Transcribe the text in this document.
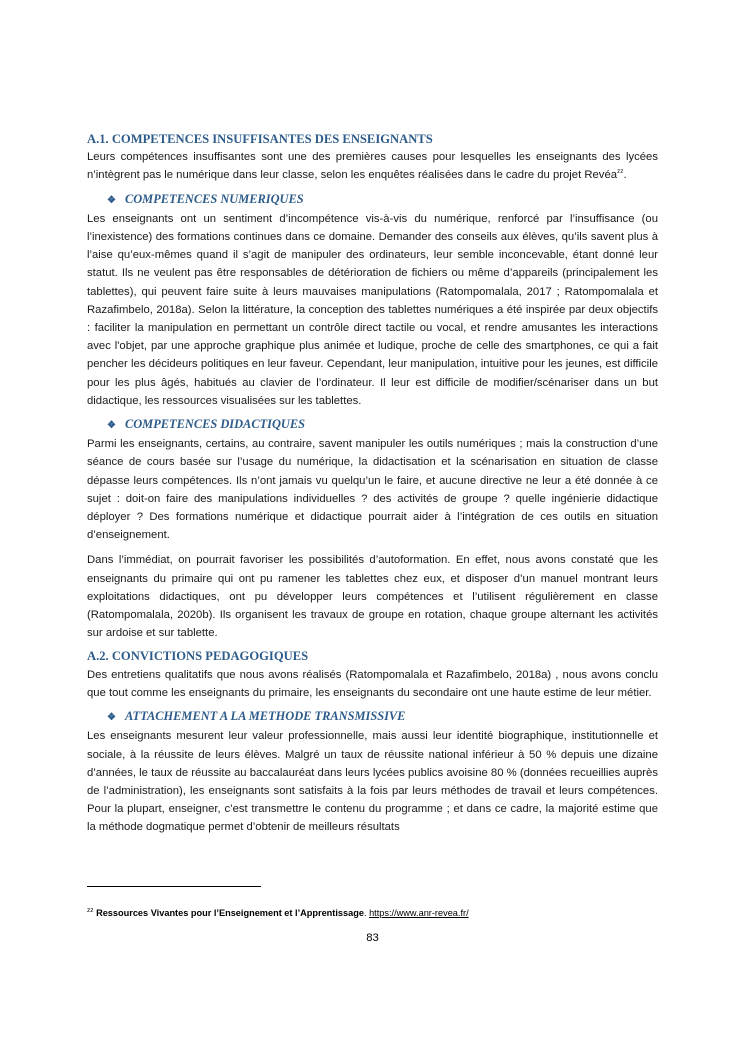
A.1. COMPETENCES INSUFFISANTES DES ENSEIGNANTS

Leurs compétences insuffisantes sont une des premières causes pour lesquelles les enseignants des lycées n’intègrent pas le numérique dans leur classe, selon les enquêtes réalisées dans le cadre du projet Revéa$^{zz}$.

❖ COMPETENCES NUMERIQUES

Les enseignants ont un sentiment d’incompétence vis-à-vis du numérique, renforcé par l’insuffisance (ou l’inexistence) des formations continues dans ce domaine. Demander des conseils aux élèves, qu’ils savent plus à l’aise qu’eux-mêmes quand il s’agit de manipuler des ordinateurs, leur semble inconcevable, étant donné leur statut. Ils ne veulent pas être responsables de détérioration de fichiers ou même d’appareils (principalement les tablettes), qui peuvent faire suite à leurs mauvaises manipulations (Ratompomalala, 2017 ; Ratompomalala et Razafimbelo, 2018a). Selon la littérature, la conception des tablettes numériques a été inspirée par deux objectifs : faciliter la manipulation en permettant un contrôle direct tactile ou vocal, et rendre amusantes les interactions avec l'objet, par une approche graphique plus animée et ludique, proche de celle des smartphones, ce qui a fait pencher les décideurs politiques en leur faveur. Cependant, leur manipulation, intuitive pour les jeunes, est difficile pour les plus âgés, habitués au clavier de l’ordinateur. Il leur est difficile de modifier/scénariser dans un but didactique, les ressources visualisées sur les tablettes.

❖ COMPETENCES DIDACTIQUES

Parmi les enseignants, certains, au contraire, savent manipuler les outils numériques ; mais la construction d’une séance de cours basée sur l’usage du numérique, la didactisation et la scénarisation en situation de classe dépasse leurs compétences. Ils n’ont jamais vu quelqu’un le faire, et aucune directive ne leur a été donnée à ce sujet : doit-on faire des manipulations individuelles ? des activités de groupe ? quelle ingénierie didactique déployer ? Des formations numérique et didactique pourrait aider à l’intégration de ces outils en situation d’enseignement.

Dans l’immédiat, on pourrait favoriser les possibilités d’autoformation. En effet, nous avons constaté que les enseignants du primaire qui ont pu ramener les tablettes chez eux, et disposer d’un manuel montrant leurs exploitations didactiques, ont pu développer leurs compétences et l’utilisent régulièrement en classe (Ratompomalala, 2020b). Ils organisent les travaux de groupe en rotation, chaque groupe alternant les activités sur ardoise et sur tablette.

A.2. CONVICTIONS PEDAGOGIQUES

Des entretiens qualitatifs que nous avons réalisés (Ratompomalala et Razafimbelo, 2018a) , nous avons conclu que tout comme les enseignants du primaire, les enseignants du secondaire ont une haute estime de leur métier.

❖ ATTACHEMENT A LA METHODE TRANSMISSIVE

Les enseignants mesurent leur valeur professionnelle, mais aussi leur identité biographique, institutionnelle et sociale, à la réussite de leurs élèves. Malgré un taux de réussite national inférieur à 50 % depuis une dizaine d’années, le taux de réussite au baccalauréat dans leurs lycées publics avoisine 80 % (données recueillies auprès de l’administration), les enseignants sont satisfaits à la fois par leurs méthodes de travail et leurs compétences. Pour la plupart, enseigner, c’est transmettre le contenu du programme ; et dans ce cadre, la majorité estime que la méthode dogmatique permet d’obtenir de meilleurs résultats

$^{zz}$ Ressources Vivantes pour l’Enseignement et l’Apprentissage. https://www.anr-revea.fr/
83
